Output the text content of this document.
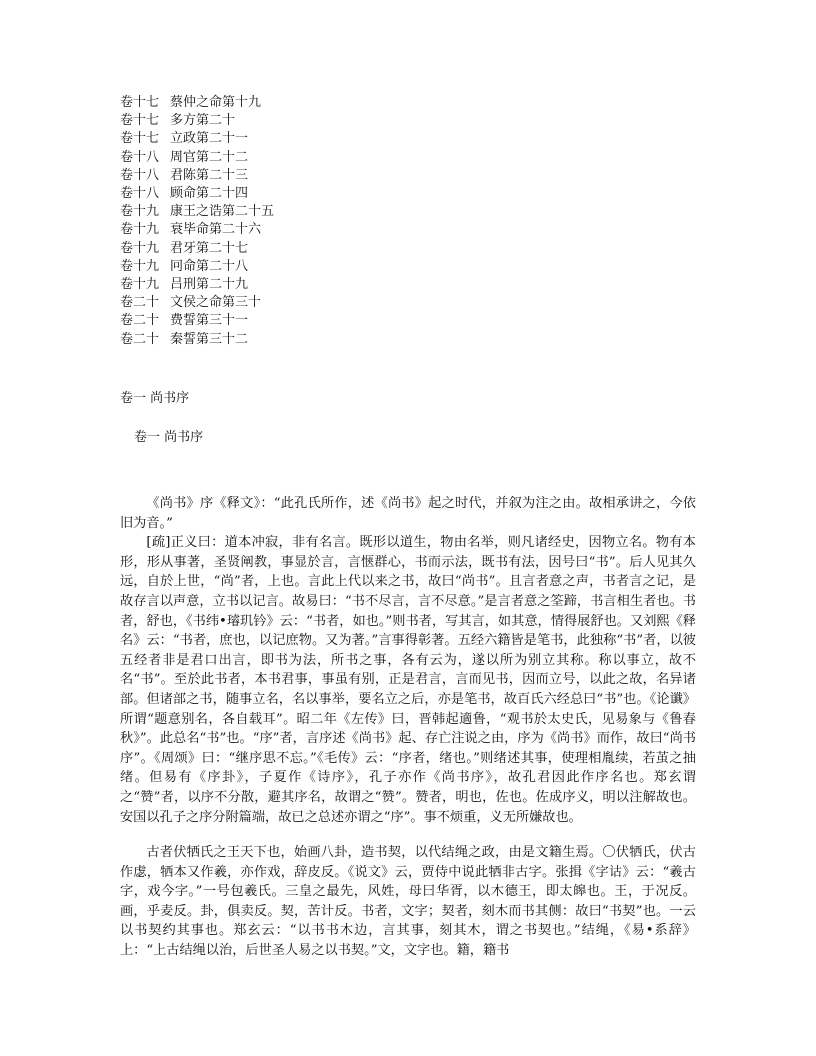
卷十七 蔡仲之命第十九
卷十七 多方第二十
卷十七 立政第二十一
卷十八 周官第二十二
卷十八 君陈第二十三
卷十八 顾命第二十四
卷十九 康王之诰第二十五
卷十九 衰毕命第二十六
卷十九 君牙第二十七
卷十九 冋命第二十八
卷十九 吕刑第二十九
卷二十 文侯之命第三十
卷二十 费誓第三十一
卷二十 秦誓第三十二
卷一 尚书序
卷一 尚书序

《尚书》序《释文》：“此孔氏所作，述《尚书》起之时代，并叙为注之由。故相承讲之，今依旧为音。”

[疏]正义曰：道本冲寂，非有名言。既形以道生，物由名举，则凡诸经史，因物立名。物有本形，形从事著，圣贤阐教，事显於言，言惬群心，书而示法，既书有法，因号曰“书”。后人见其久远，自於上世，“尚”者，上也。言此上代以来之书，故曰“尚书”。且言者意之声，书者言之记，是故存言以声意，立书以记言。故易曰：“书不尽言，言不尽意。”是言者意之筌蹄，书言相生者也。书者，舒也，《书纬•璿玑钤》云：“书者，如也。”则书者，写其言，如其意，情得展舒也。又刘熙《释名》云：“书者，庶也，以记庶物。又为著。”言事得彰著。五经六籍皆是笔书，此独称“书”者，以彼五经者非是君口出言，即书为法，所书之事，各有云为，遂以所为别立其称。称以事立，故不名“书”。至於此书者，本书君事，事虽有别，正是君言，言而见书，因而立号，以此之故，名异诸部。但诸部之书，随事立名，名以事举，要名立之后，亦是笔书，故百氏六经总曰“书”也。《论谶》所谓“题意别名，各自载耳”。昭二年《左传》曰，晋韩起適鲁，“观书於太史氏，见易象与《鲁春秋》”。此总名“书”也。“序”者，言序述《尚书》起、存亡注说之由，序为《尚书》而作，故曰“尚书序”。《周颂》曰：“继序思不忘。”《毛传》云：“序者，绪也。”则绪述其事，使理相胤续，若茧之抽绪。但易有《序卦》，子夏作《诗序》，孔子亦作《尚书序》，故孔君因此作序名也。郑玄谓之“赞”者，以序不分散，避其序名，故谓之“赞”。赞者，明也，佐也。佐成序义，明以注解故也。安国以孔子之序分附篇端，故已之总述亦谓之“序”。事不烦重，义无所嫌故也。

古者伏牺氏之王天下也，始画八卦，造书契，以代结绳之政，由是文籍生焉。〇伏牺氏，伏古作虙，牺本又作羲，亦作戏，辞皮反。《说文》云，贾侍中说此牺非古字。张揖《字诂》云：“羲古字，戏今字。”一号包羲氏。三皇之最先，风姓，母曰华胥，以木德王，即太皞也。王，于况反。画，乎麦反。卦，俱卖反。契，苦计反。书者，文字；契者，刻木而书其侧：故曰“书契”也。一云以书契约其事也。郑玄云：“以书书木边，言其事，刻其木，谓之书契也。”结绳，《易•系辞》上：“上古结绳以治，后世圣人易之以书契。”文，文字也。籍，籍书
